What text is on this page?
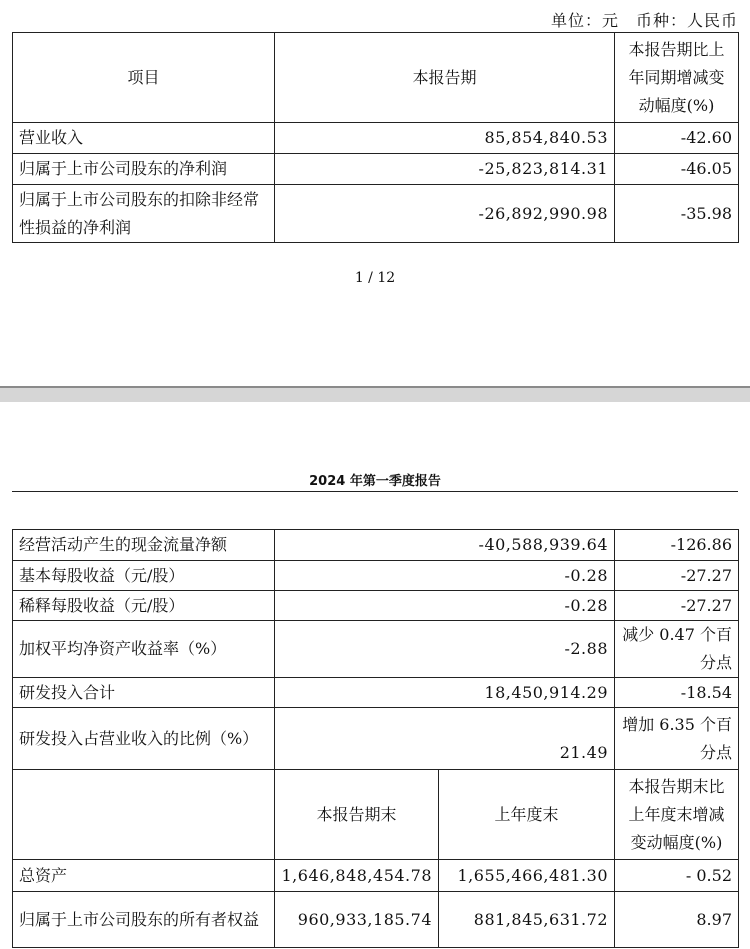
单位：元　币种：人民币
项目	本报告期	本报告期比上年同期增减变动幅度(%)
营业收入	85,854,840.53	-42.60
归属于上市公司股东的净利润	-25,823,814.31	-46.05
归属于上市公司股东的扣除非经常性损益的净利润	-26,892,990.98	-35.98
1 / 12
2024 年第一季度报告
经营活动产生的现金流量净额	-40,588,939.64		-126.86
基本每股收益（元/股）	-0.28		-27.27
稀释每股收益（元/股）	-0.28		-27.27
加权平均净资产收益率（%）	-2.88		减少 0.47 个百分点
研发投入合计	18,450,914.29		-18.54
研发投入占营业收入的比例（%）	21.49		增加 6.35 个百分点
	本报告期末	上年度末	本报告期末比上年度末增减变动幅度(%)
总资产	1,646,848,454.78	1,655,466,481.30	- 0.52
归属于上市公司股东的所有者权益	960,933,185.74	881,845,631.72	8.97
